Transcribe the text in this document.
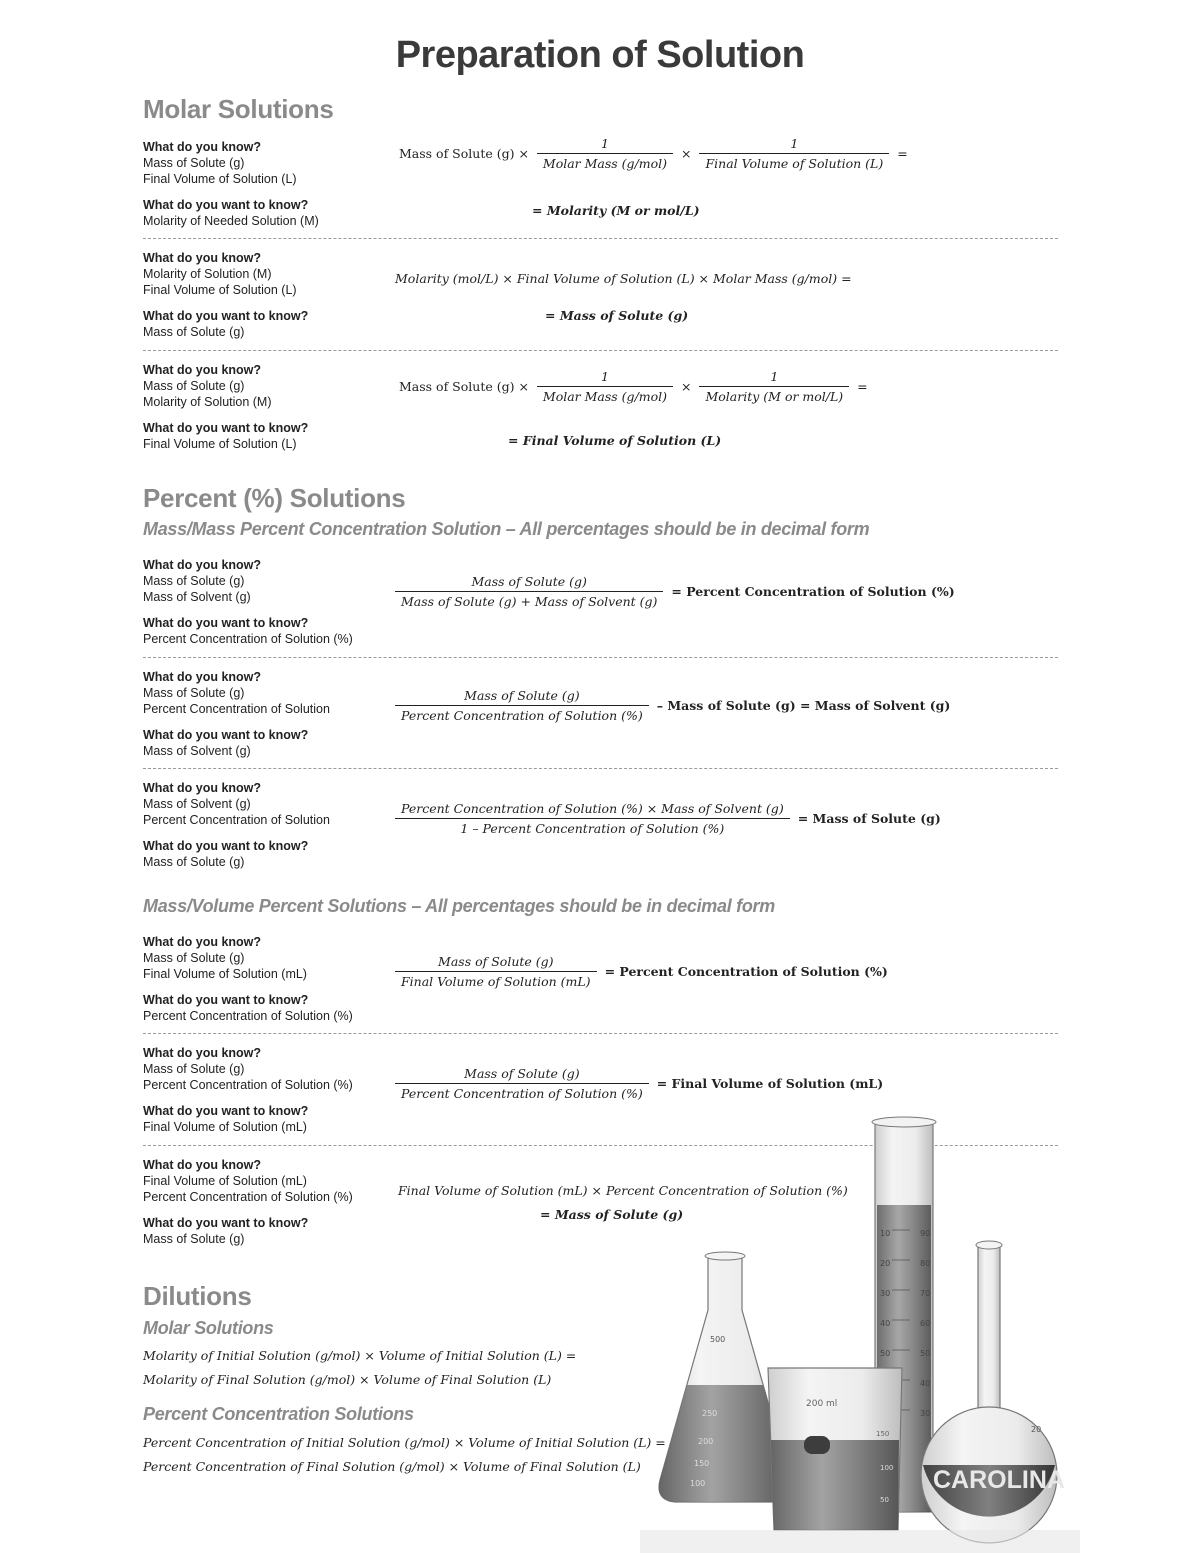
Preparation of Solution
Molar Solutions
What do you know?
Mass of Solute (g)
Final Volume of Solution (L)
What do you want to know?
Molarity of Needed Solution (M)
Mass of Solute $(g) \times \frac{1}{\text{Molar Mass (g/mol)}} \times \frac{1}{\text{Final Volume of Solution (L)}}$ =
= Molarity (M or mol/L)
What do you know?
Molarity of Solution (M)
Final Volume of Solution (L)
What do you want to know?
Mass of Solute (g)
Molarity (mol/L) × Final Volume of Solution (L) × Molar Mass (g/mol) =
= Mass of Solute (g)
What do you know?
Mass of Solute (g)
Molarity of Solution (M)
What do you want to know?
Final Volume of Solution (L)
Mass of Solute $(g) \times \frac{1}{\text{Molar Mass (g/mol)}} \times \frac{1}{\text{Molarity (M or mol/L)}}$ =
= Final Volume of Solution (L)
Percent (%) Solutions
Mass/Mass Percent Concentration Solution – All percentages should be in decimal form
What do you know?
Mass of Solute (g)
Mass of Solvent (g)
What do you want to know?
Percent Concentration of Solution (%)
$\frac{\text{Mass of Solute (g)}}{\text{Mass of Solute (g) + Mass of Solvent (g)}}$ = Percent Concentration of Solution (%)
What do you know?
Mass of Solute (g)
Percent Concentration of Solution
What do you want to know?
Mass of Solvent (g)
$\frac{\text{Mass of Solute (g)}}{\text{Percent Concentration of Solution (\%)}}$ – Mass of Solute (g) = Mass of Solvent (g)
What do you know?
Mass of Solvent (g)
Percent Concentration of Solution
What do you want to know?
Mass of Solute (g)
$\frac{\text{Percent Concentration of Solution (\%) × Mass of Solvent (g)}}{\text{1 – Percent Concentration of Solution (\%)}}$ = Mass of Solute (g)
Mass/Volume Percent Solutions – All percentages should be in decimal form
What do you know?
Mass of Solute (g)
Final Volume of Solution (mL)
What do you want to know?
Percent Concentration of Solution (%)
$\frac{\text{Mass of Solute (g)}}{\text{Final Volume of Solution (mL)}}$ = Percent Concentration of Solution (%)
What do you know?
Mass of Solute (g)
Percent Concentration of Solution (%)
What do you want to know?
Final Volume of Solution (mL)
$\frac{\text{Mass of Solute (g)}}{\text{Percent Concentration of Solution (\%)}}$ = Final Volume of Solution (mL)
What do you know?
Final Volume of Solution (mL)
Percent Concentration of Solution (%)
What do you want to know?
Mass of Solute (g)
Final Volume of Solution (mL) × Percent Concentration of Solution (%)
= Mass of Solute (g)
Dilutions
Molar Solutions
Molarity of Initial Solution (g/mol) × Volume of Initial Solution (L) =
Molarity of Final Solution (g/mol) × Volume of Final Solution (L)
Percent Concentration Solutions
Percent Concentration of Initial Solution (g/mol) × Volume of Initial Solution (L) =
Percent Concentration of Final Solution (g/mol) × Volume of Final Solution (L)
10
20
30
40
50
90
80
70
60
50
40
30
500
250
200
150
100
200 ml
150
100
50
20
CAROLINA
